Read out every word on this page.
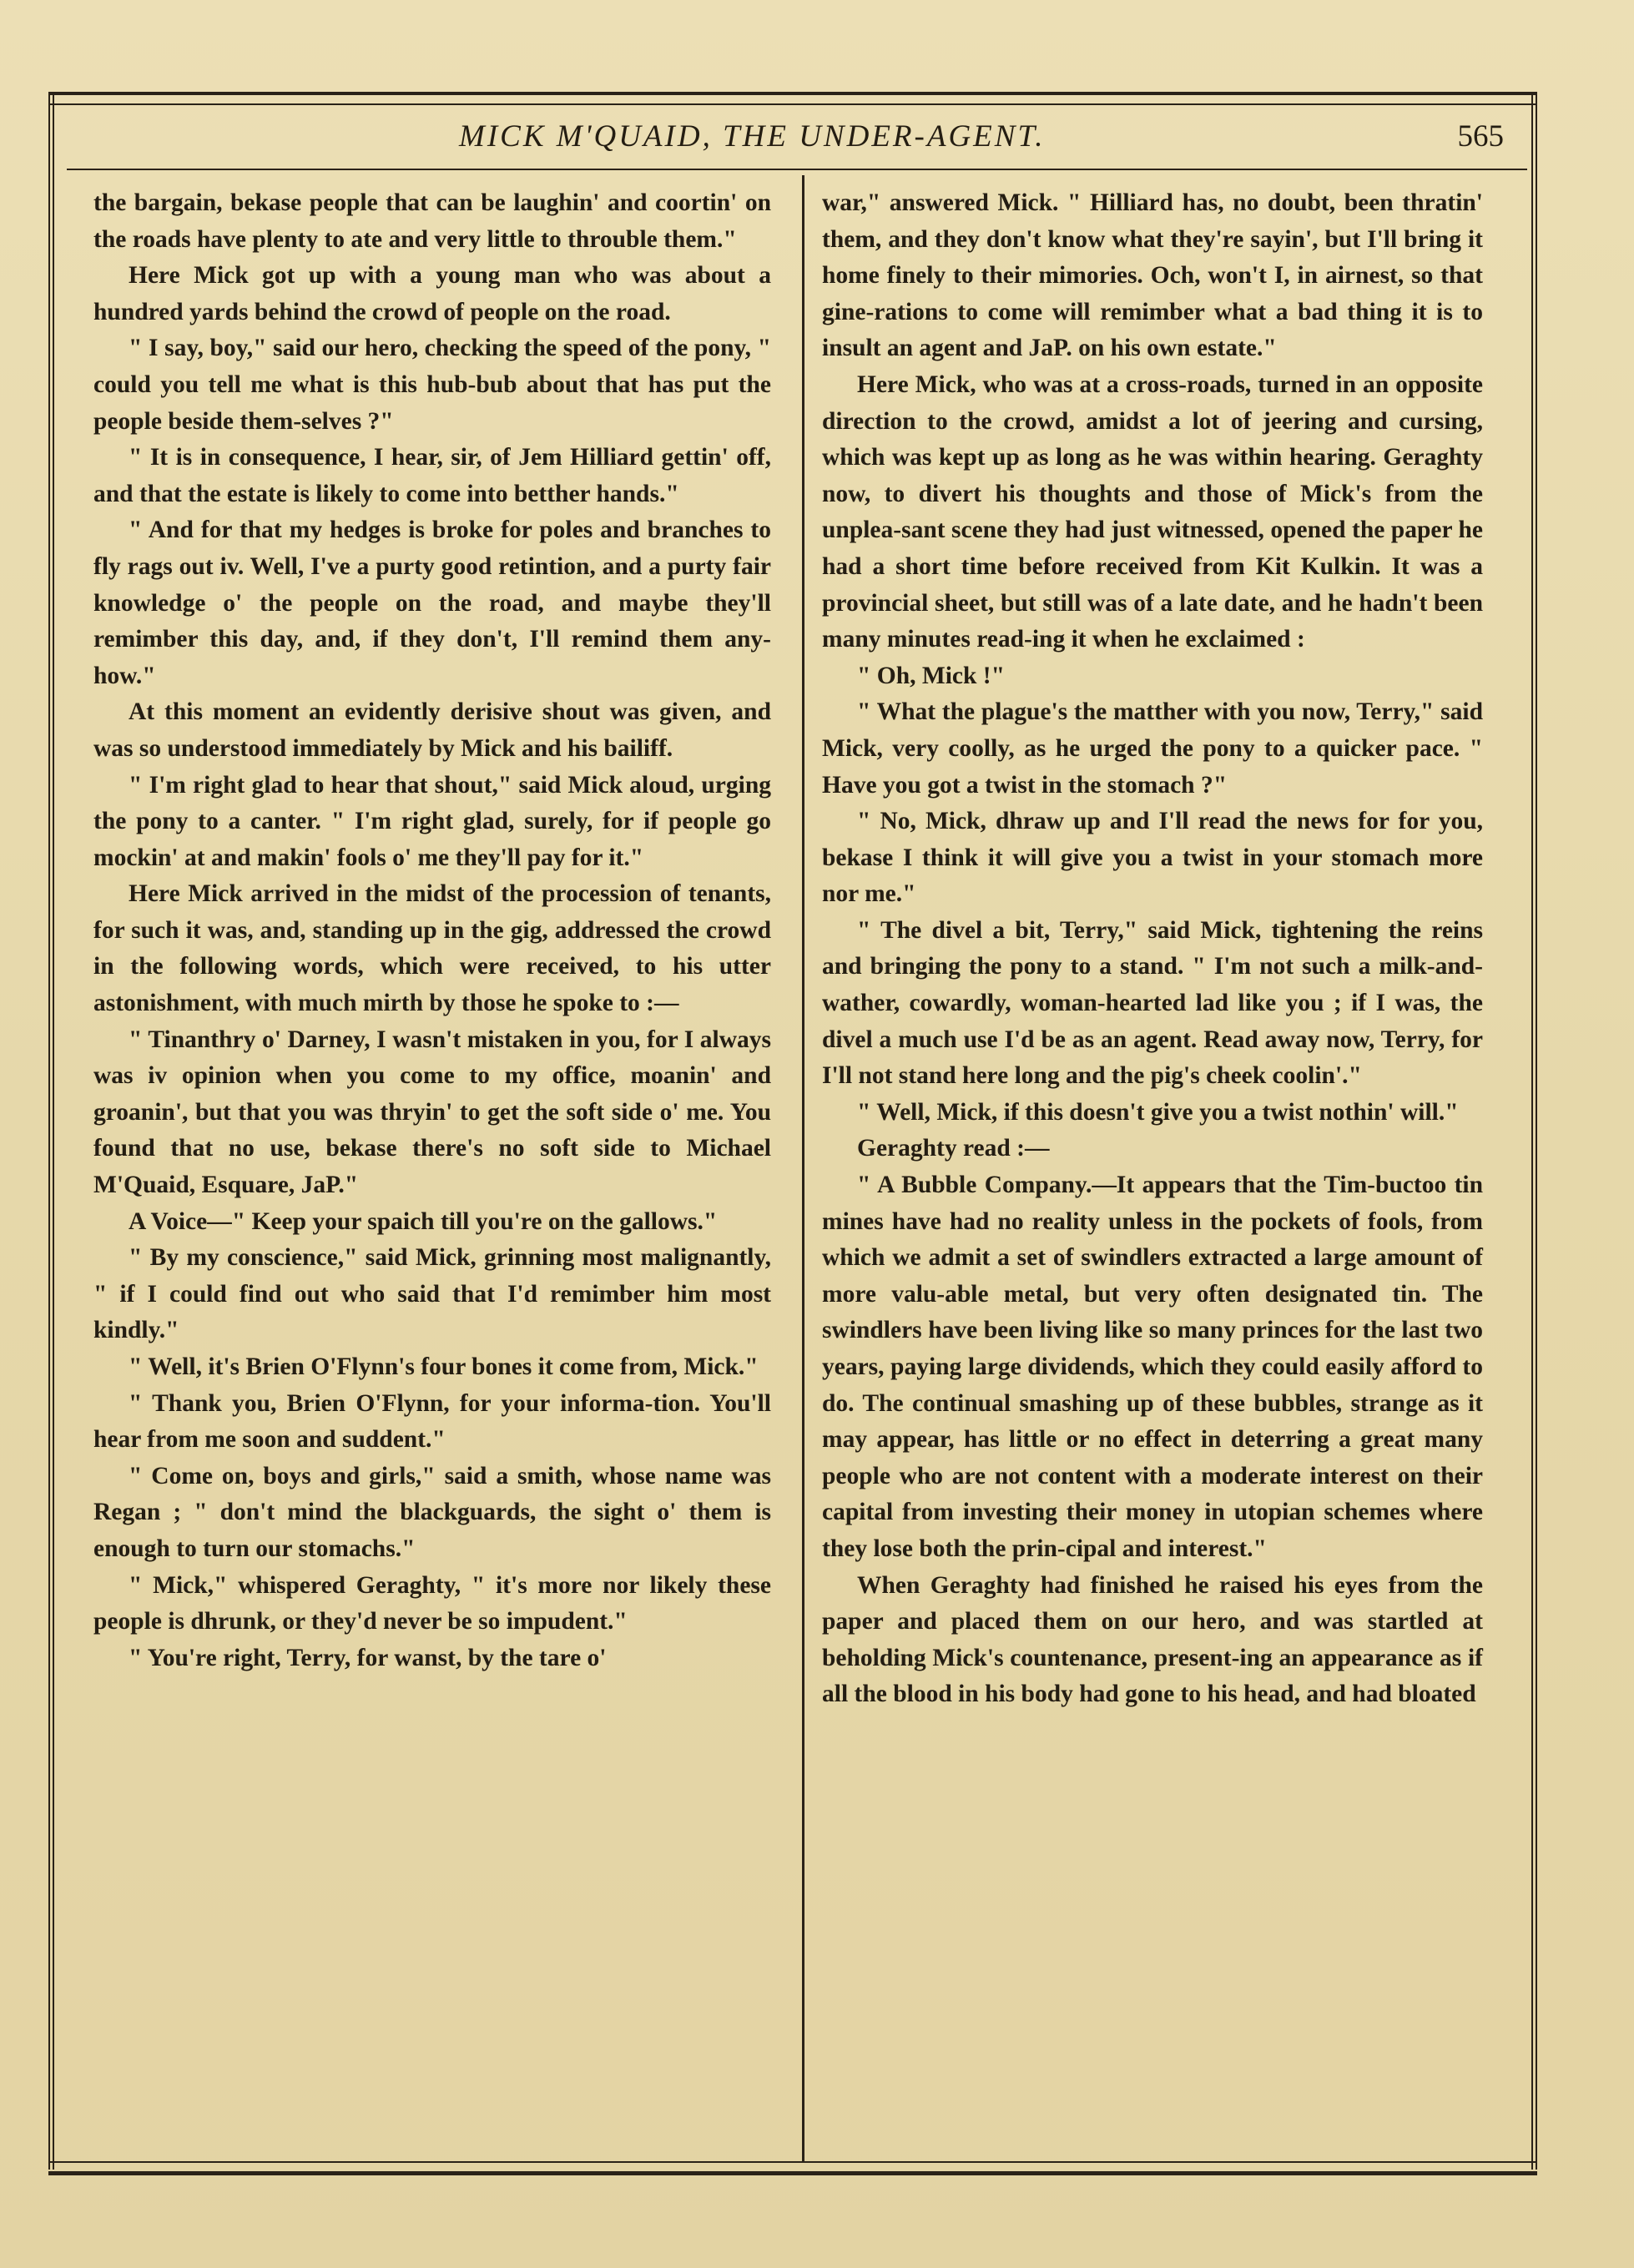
MICK M'QUAID, THE UNDER-AGENT.	565

the bargain, bekase people that can be laughin' and coortin' on the roads have plenty to ate and very little to throuble them."

Here Mick got up with a young man who was about a hundred yards behind the crowd of people on the road.

" I say, boy," said our hero, checking the speed of the pony, " could you tell me what is this hub-bub about that has put the people beside them-selves ?"

" It is in consequence, I hear, sir, of Jem Hilliard gettin' off, and that the estate is likely to come into betther hands."

" And for that my hedges is broke for poles and branches to fly rags out iv. Well, I've a purty good retintion, and a purty fair knowledge o' the people on the road, and maybe they'll remimber this day, and, if they don't, I'll remind them any-how."

At this moment an evidently derisive shout was given, and was so understood immediately by Mick and his bailiff.

" I'm right glad to hear that shout," said Mick aloud, urging the pony to a canter. " I'm right glad, surely, for if people go mockin' at and makin' fools o' me they'll pay for it."

Here Mick arrived in the midst of the procession of tenants, for such it was, and, standing up in the gig, addressed the crowd in the following words, which were received, to his utter astonishment, with much mirth by those he spoke to :—

" Tinanthry o' Darney, I wasn't mistaken in you, for I always was iv opinion when you come to my office, moanin' and groanin', but that you was thryin' to get the soft side o' me. You found that no use, bekase there's no soft side to Michael M'Quaid, Esquare, JaP."

A Voice—" Keep your spaich till you're on the gallows."

" By my conscience," said Mick, grinning most malignantly, " if I could find out who said that I'd remimber him most kindly."

" Well, it's Brien O'Flynn's four bones it come from, Mick."

" Thank you, Brien O'Flynn, for your informa-tion. You'll hear from me soon and suddent."

" Come on, boys and girls," said a smith, whose name was Regan ; " don't mind the blackguards, the sight o' them is enough to turn our stomachs."

" Mick," whispered Geraghty, " it's more nor likely these people is dhrunk, or they'd never be so impudent."

" You're right, Terry, for wanst, by the tare o'

war," answered Mick. " Hilliard has, no doubt, been thratin' them, and they don't know what they're sayin', but I'll bring it home finely to their mimories. Och, won't I, in airnest, so that gine-rations to come will remimber what a bad thing it is to insult an agent and JaP. on his own estate."

Here Mick, who was at a cross-roads, turned in an opposite direction to the crowd, amidst a lot of jeering and cursing, which was kept up as long as he was within hearing. Geraghty now, to divert his thoughts and those of Mick's from the unplea-sant scene they had just witnessed, opened the paper he had a short time before received from Kit Kulkin. It was a provincial sheet, but still was of a late date, and he hadn't been many minutes read-ing it when he exclaimed :

" Oh, Mick !"

" What the plague's the matther with you now, Terry," said Mick, very coolly, as he urged the pony to a quicker pace. " Have you got a twist in the stomach ?"

" No, Mick, dhraw up and I'll read the news for for you, bekase I think it will give you a twist in your stomach more nor me."

" The divel a bit, Terry," said Mick, tightening the reins and bringing the pony to a stand. " I'm not such a milk-and-wather, cowardly, woman-hearted lad like you ; if I was, the divel a much use I'd be as an agent. Read away now, Terry, for I'll not stand here long and the pig's cheek coolin'."

" Well, Mick, if this doesn't give you a twist nothin' will."

Geraghty read :—

" A Bubble Company.—It appears that the Tim-buctoo tin mines have had no reality unless in the pockets of fools, from which we admit a set of swindlers extracted a large amount of more valu-able metal, but very often designated tin. The swindlers have been living like so many princes for the last two years, paying large dividends, which they could easily afford to do. The continual smashing up of these bubbles, strange as it may appear, has little or no effect in deterring a great many people who are not content with a moderate interest on their capital from investing their money in utopian schemes where they lose both the prin-cipal and interest."

When Geraghty had finished he raised his eyes from the paper and placed them on our hero, and was startled at beholding Mick's countenance, present-ing an appearance as if all the blood in his body had gone to his head, and had bloated
